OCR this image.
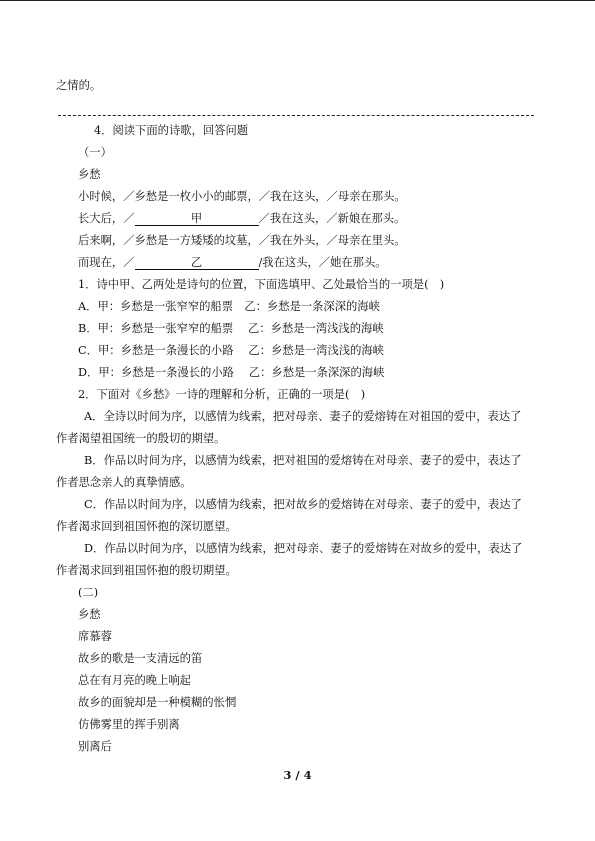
之情的。
4．阅读下面的诗歌，回答问题
（一）
乡愁
小时候，／乡愁是一枚小小的邮票，／我在这头，／母亲在那头。
长大后，／	甲	／我在这头，／新娘在那头。
后来啊，／乡愁是一方矮矮的坟墓，／我在外头，／母亲在里头。
而现在，／	乙	/我在这头，／她在那头。
1．诗中甲、乙两处是诗句的位置，下面选填甲、乙处最恰当的一项是(　)
A．甲：乡愁是一张窄窄的船票　乙：乡愁是一条深深的海峡
B．甲：乡愁是一张窄窄的船票　 乙：乡愁是一湾浅浅的海峡
C．甲：乡愁是一条漫长的小路　 乙：乡愁是一湾浅浅的海峡
D．甲：乡愁是一条漫长的小路　 乙：乡愁是一条深深的海峡
2．下面对《乡愁》一诗的理解和分析，正确的一项是(　)
A．全诗以时间为序，以感情为线索，把对母亲、妻子的爱熔铸在对祖国的爱中，表达了
作者渴望祖国统一的殷切的期望。
B．作品以时间为序，以感情为线索，把对祖国的爱熔铸在对母亲、妻子的爱中，表达了
作者思念亲人的真挚情感。
C．作品以时间为序，以感情为线索，把对故乡的爱熔铸在对母亲、妻子的爱中，表达了
作者渴求回到祖国怀抱的深切愿望。
D．作品以时间为序，以感情为线索，把对母亲、妻子的爱熔铸在对故乡的爱中，表达了
作者渴求回到祖国怀抱的殷切期望。
(二)
乡愁
席慕蓉
故乡的歌是一支清远的笛
总在有月亮的晚上响起
故乡的面貌却是一种模糊的怅惘
仿佛雾里的挥手别离
别离后
3 / 4
